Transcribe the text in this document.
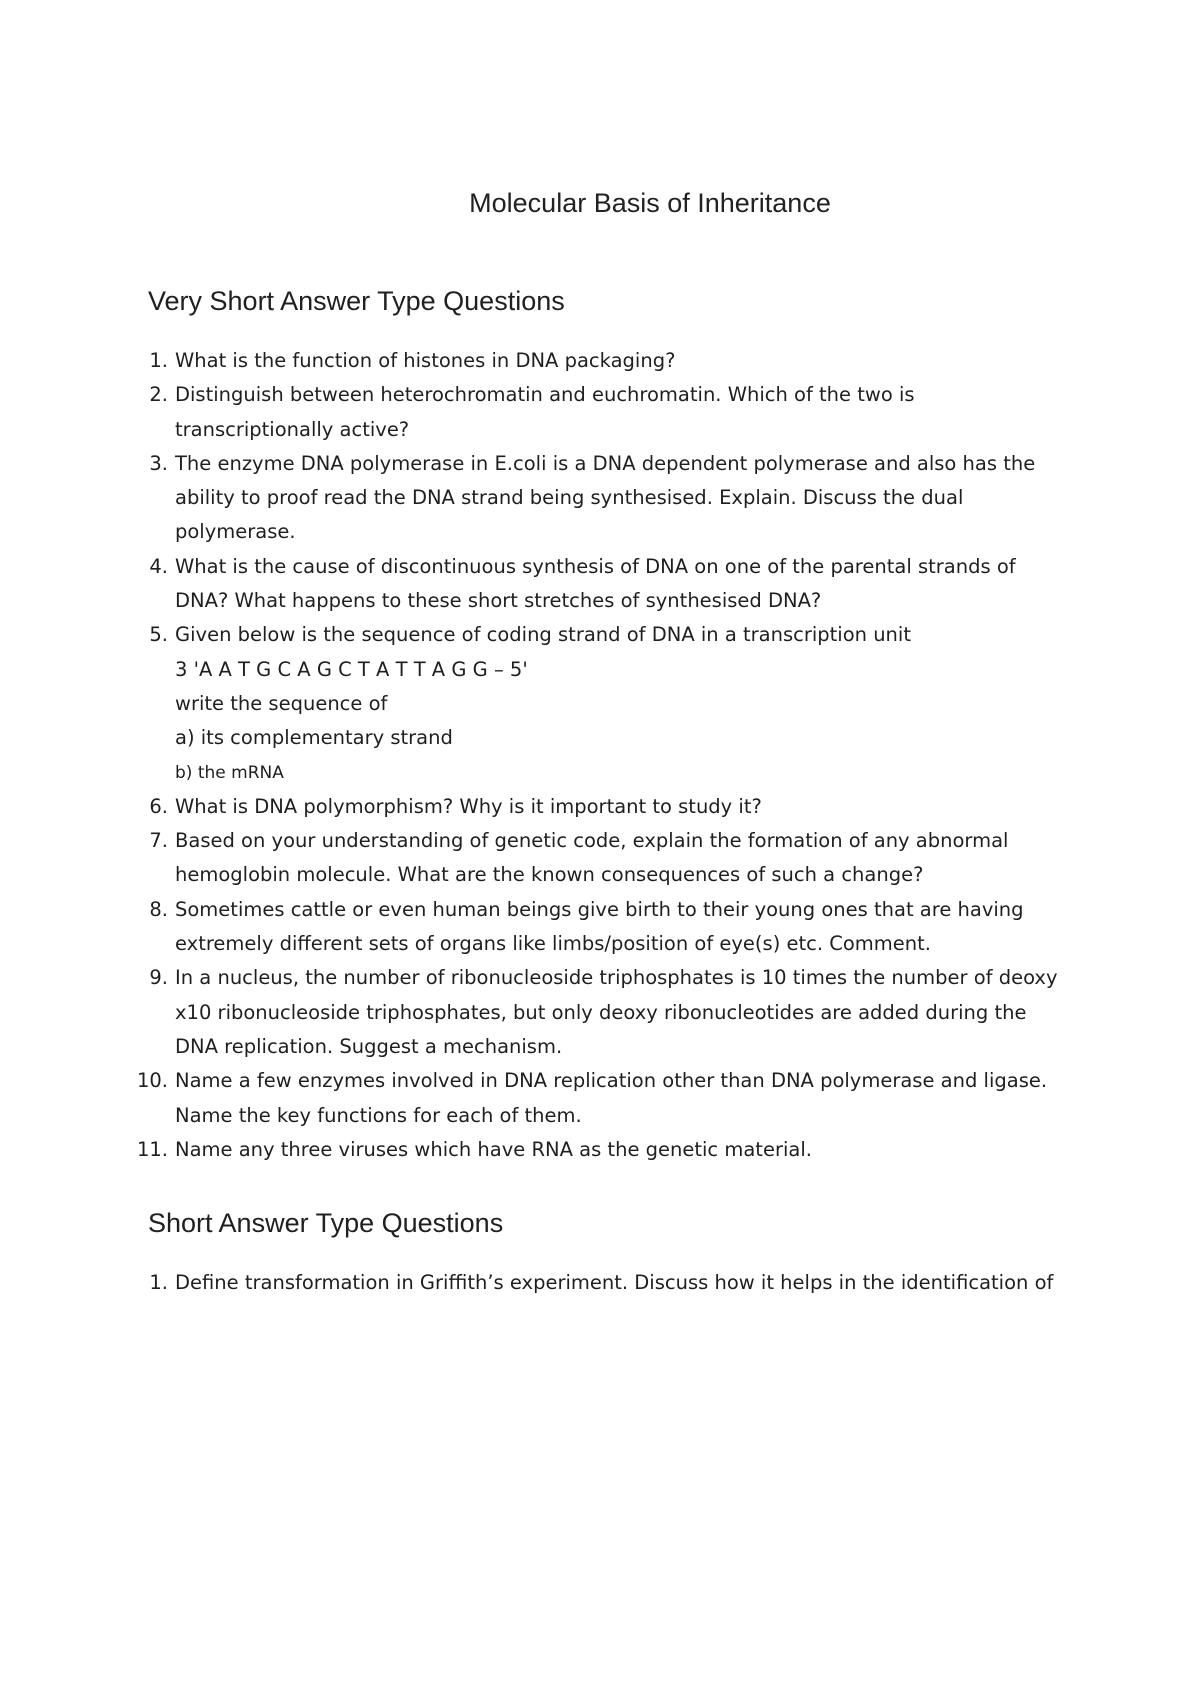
Molecular Basis of Inheritance
Very Short Answer Type Questions
1. What is the function of histones in DNA packaging?
2. Distinguish between heterochromatin and euchromatin. Which of the two is
transcriptionally active?
3. The enzyme DNA polymerase in E.coli is a DNA dependent polymerase and also has the
ability to proof read the DNA strand being synthesised. Explain. Discuss the dual
polymerase.
4. What is the cause of discontinuous synthesis of DNA on one of the parental strands of
DNA? What happens to these short stretches of synthesised DNA?
5. Given below is the sequence of coding strand of DNA in a transcription unit
3 'A A T G C A G C T A T T A G G – 5'
write the sequence of
a) its complementary strand
b) the mRNA
6. What is DNA polymorphism? Why is it important to study it?
7. Based on your understanding of genetic code, explain the formation of any abnormal
hemoglobin molecule. What are the known consequences of such a change?
8. Sometimes cattle or even human beings give birth to their young ones that are having
extremely different sets of organs like limbs/position of eye(s) etc. Comment.
9. In a nucleus, the number of ribonucleoside triphosphates is 10 times the number of deoxy
x10 ribonucleoside triphosphates, but only deoxy ribonucleotides are added during the
DNA replication. Suggest a mechanism.
10. Name a few enzymes involved in DNA replication other than DNA polymerase and ligase.
Name the key functions for each of them.
11. Name any three viruses which have RNA as the genetic material.
Short Answer Type Questions
1. Define transformation in Griffith’s experiment. Discuss how it helps in the identification of
